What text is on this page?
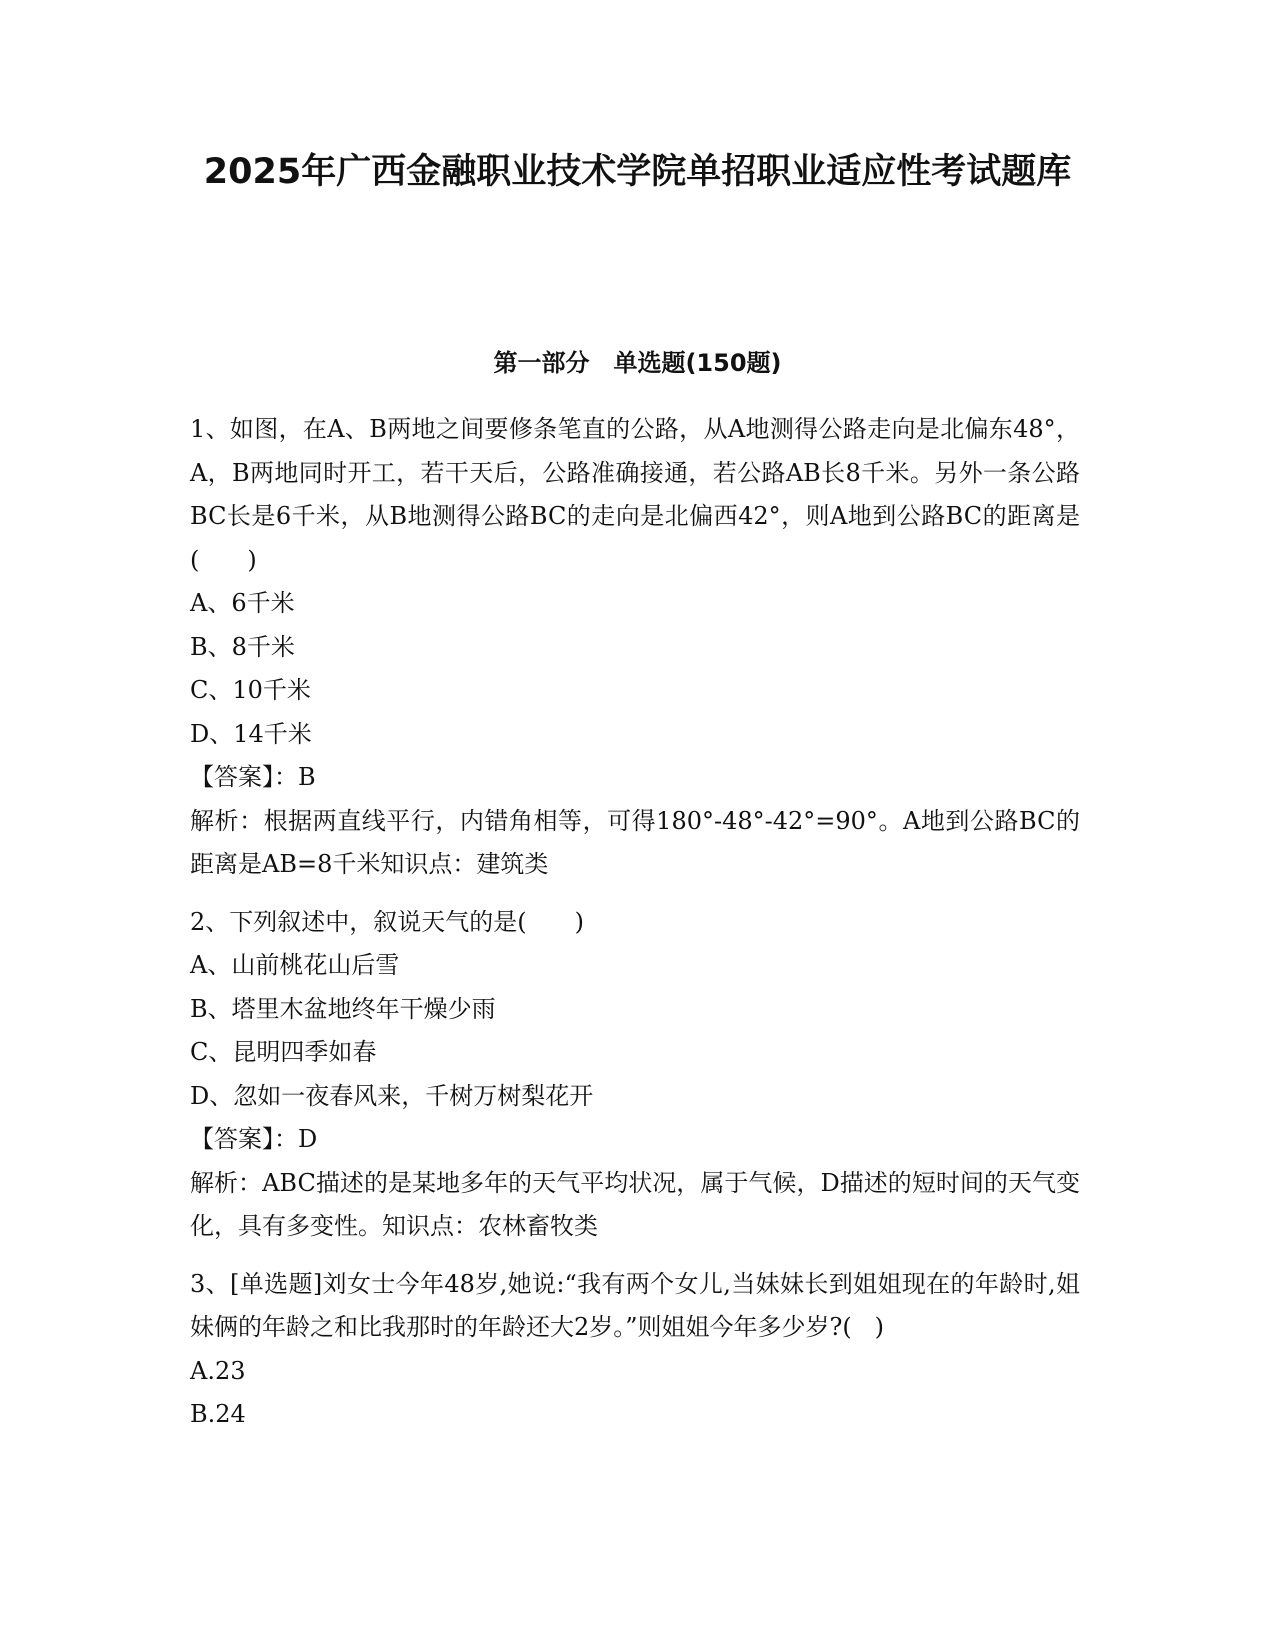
2025年广西金融职业技术学院单招职业适应性考试题库
第一部分　单选题(150题)
1、如图，在A、B两地之间要修条笔直的公路，从A地测得公路走向是北偏东48°，A，B两地同时开工，若干天后，公路准确接通，若公路AB长8千米。另外一条公路BC长是6千米，从B地测得公路BC的走向是北偏西42°，则A地到公路BC的距离是(　　)
A、6千米
B、8千米
C、10千米
D、14千米
【答案】：B
解析：根据两直线平行，内错角相等，可得180°-48°-42°=90°。A地到公路BC的距离是AB=8千米知识点：建筑类
2、下列叙述中，叙说天气的是(　　)
A、山前桃花山后雪
B、塔里木盆地终年干燥少雨
C、昆明四季如春
D、忽如一夜春风来，千树万树梨花开
【答案】：D
解析：ABC描述的是某地多年的天气平均状况，属于气候，D描述的短时间的天气变化，具有多变性。知识点：农林畜牧类
3、[单选题]刘女士今年48岁,她说:“我有两个女儿,当妹妹长到姐姐现在的年龄时,姐妹俩的年龄之和比我那时的年龄还大2岁。”则姐姐今年多少岁?(   )
A.23
B.24
